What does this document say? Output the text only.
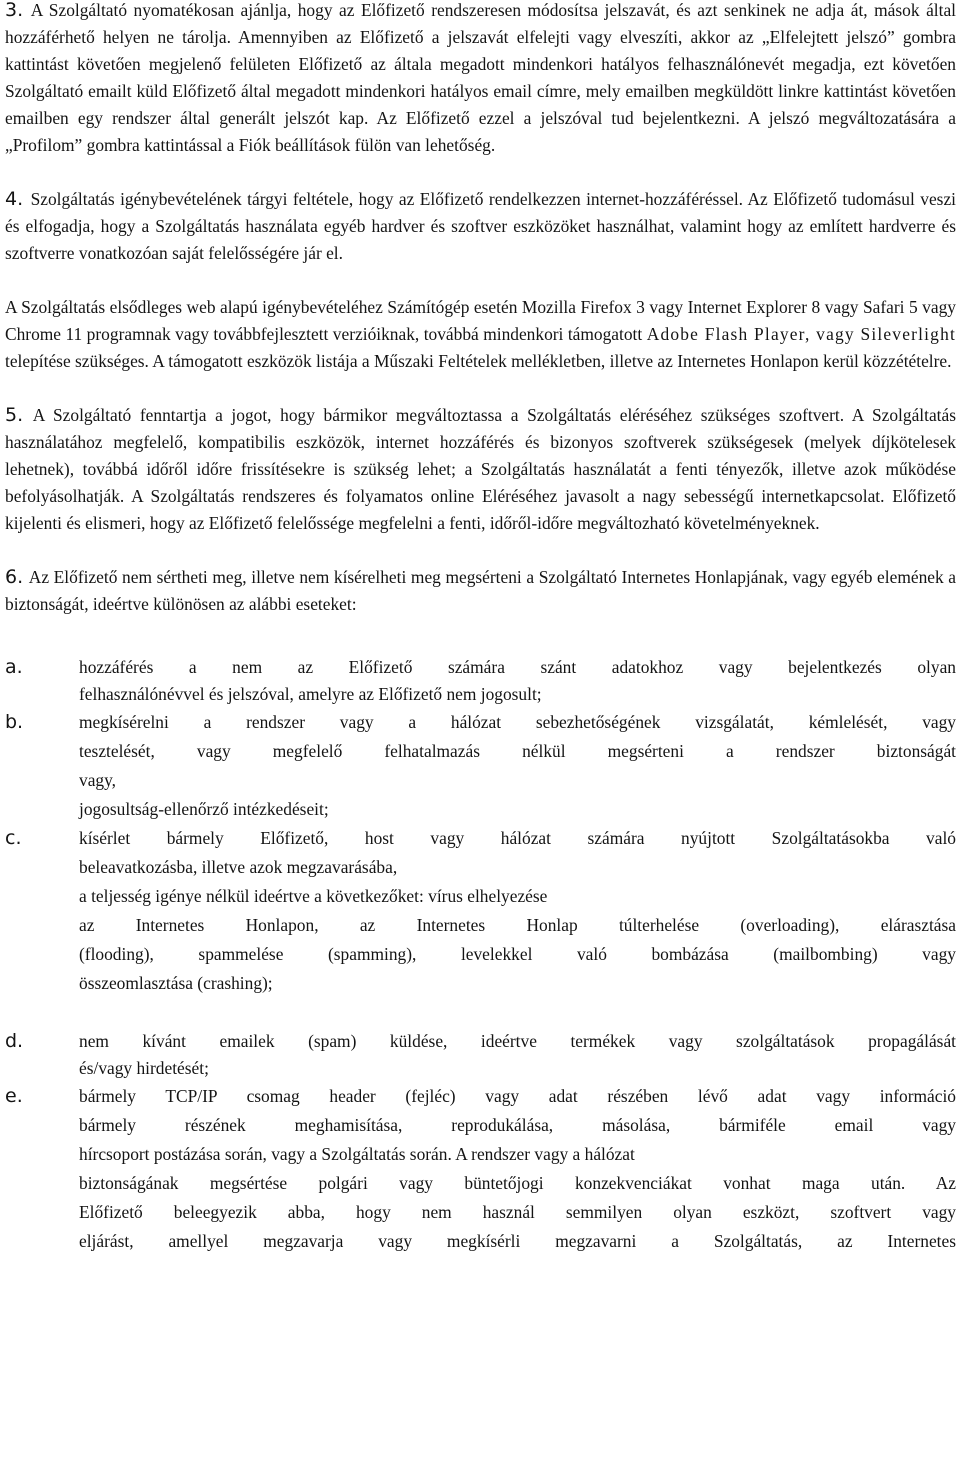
3. A Szolgáltató nyomatékosan ajánlja, hogy az Előfizető rendszeresen módosítsa jelszavát, és azt senkinek ne adja át, mások által hozzáférhető helyen ne tárolja. Amennyiben az Előfizető a jelszavát elfelejti vagy elveszíti, akkor az „Elfelejtett jelszó” gombra kattintást követően megjelenő felületen Előfizető az általa megadott mindenkori hatályos felhasználónevét megadja, ezt követően Szolgáltató emailt küld Előfizető által megadott mindenkori hatályos email címre, mely emailben megküldött linkre kattintást követően emailben egy rendszer által generált jelszót kap. Az Előfizető ezzel a jelszóval tud bejelentkezni. A jelszó megváltozatására a „Profilom” gombra kattintással a Fiók beállítások fülön van lehetőség.

4. Szolgáltatás igénybevételének tárgyi feltétele, hogy az Előfizető rendelkezzen internet-hozzáféréssel. Az Előfizető tudomásul veszi és elfogadja, hogy a Szolgáltatás használata egyéb hardver és szoftver eszközöket használhat, valamint hogy az említett hardverre és szoftverre vonatkozóan saját felelősségére jár el.

A Szolgáltatás elsődleges web alapú igénybevételéhez Számítógép esetén Mozilla Firefox 3 vagy Internet Explorer 8 vagy Safari 5 vagy Chrome 11 programnak vagy továbbfejlesztett verzióiknak, továbbá mindenkori támogatott Adobe Flash Player, vagy Sileverlight telepítése szükséges. A támogatott eszközök listája a Műszaki Feltételek mellékletben, illetve az Internetes Honlapon kerül közzétételre.

5. A Szolgáltató fenntartja a jogot, hogy bármikor megváltoztassa a Szolgáltatás eléréséhez szükséges szoftvert. A Szolgáltatás használatához megfelelő, kompatibilis eszközök, internet hozzáférés és bizonyos szoftverek szükségesek (melyek díjkötelesek lehetnek), továbbá időről időre frissítésekre is szükség lehet; a Szolgáltatás használatát a fenti tényezők, illetve azok működése befolyásolhatják. A Szolgáltatás rendszeres és folyamatos online Eléréséhez javasolt a nagy sebességű internetkapcsolat. Előfizető kijelenti és elismeri, hogy az Előfizető felelőssége megfelelni a fenti, időről-időre megváltozható követelményeknek.

6. Az Előfizető nem sértheti meg, illetve nem kísérelheti meg megsérteni a Szolgáltató Internetes Honlapjának, vagy egyéb elemének a biztonságát, ideértve különösen az alábbi eseteket:

a.	hozzáférés a nem az Előfizető számára szánt adatokhoz vagy bejelentkezés olyan
felhasználónévvel és jelszóval, amelyre az Előfizető nem jogosult;
b.	megkísérelni a rendszer vagy a hálózat sebezhetőségének vizsgálatát, kémlelését, vagy
tesztelését, vagy megfelelő felhatalmazás nélkül megsérteni a rendszer biztonságát
vagy,
jogosultság-ellenőrző intézkedéseit;
c.	kísérlet bármely Előfizető, host vagy hálózat számára nyújtott Szolgáltatásokba való
beleavatkozásba, illetve azok megzavarásába,
a teljesség igénye nélkül ideértve a következőket: vírus elhelyezése
az Internetes Honlapon, az Internetes Honlap túlterhelése (overloading), elárasztása
(flooding), spammelése (spamming), levelekkel való bombázása (mailbombing) vagy
összeomlasztása (crashing);
d.	nem kívánt emailek (spam) küldése, ideértve termékek vagy szolgáltatások propagálását
és/vagy hirdetését;
e.	bármely TCP/IP csomag header (fejléc) vagy adat részében lévő adat vagy információ
bármely részének meghamisítása, reprodukálása, másolása, bármiféle email vagy
hírcsoport postázása során, vagy a Szolgáltatás során. A rendszer vagy a hálózat
biztonságának megsértése polgári vagy büntetőjogi konzekvenciákat vonhat maga után. Az
Előfizető beleegyezik abba, hogy nem használ semmilyen olyan eszközt, szoftvert vagy
eljárást, amellyel megzavarja vagy megkísérli megzavarni a Szolgáltatás, az Internetes
